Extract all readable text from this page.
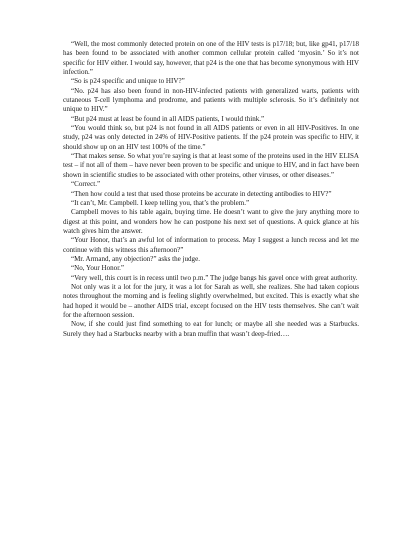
“Well, the most commonly detected protein on one of the HIV tests is p17/18; but, like gp41, p17/18 has been found to be associated with another common cellular protein called ‘myosin.’ So it’s not specific for HIV either. I would say, however, that p24 is the one that has become synonymous with HIV infection.”

“So is p24 specific and unique to HIV?”

“No. p24 has also been found in non-HIV-infected patients with generalized warts, patients with cutaneous T-cell lymphoma and prodrome, and patients with multiple sclerosis. So it’s definitely not unique to HIV.”

“But p24 must at least be found in all AIDS patients, I would think.”

“You would think so, but p24 is not found in all AIDS patients or even in all HIV-Positives. In one study, p24 was only detected in 24% of HIV-Positive patients. If the p24 protein was specific to HIV, it should show up on an HIV test 100% of the time.”

“That makes sense. So what you’re saying is that at least some of the proteins used in the HIV ELISA test – if not all of them – have never been proven to be specific and unique to HIV, and in fact have been shown in scientific studies to be associated with other proteins, other viruses, or other diseases.”

“Correct.”

“Then how could a test that used those proteins be accurate in detecting antibodies to HIV?”

“It can’t, Mr. Campbell. I keep telling you, that’s the problem.”

Campbell moves to his table again, buying time. He doesn’t want to give the jury anything more to digest at this point, and wonders how he can postpone his next set of questions. A quick glance at his watch gives him the answer.

“Your Honor, that’s an awful lot of information to process. May I suggest a lunch recess and let me continue with this witness this afternoon?”

“Mr. Armand, any objection?” asks the judge.

“No, Your Honor.”

“Very well, this court is in recess until two p.m.” The judge bangs his gavel once with great authority.

Not only was it a lot for the jury, it was a lot for Sarah as well, she realizes. She had taken copious notes throughout the morning and is feeling slightly overwhelmed, but excited. This is exactly what she had hoped it would be – another AIDS trial, except focused on the HIV tests themselves. She can’t wait for the afternoon session.

Now, if she could just find something to eat for lunch; or maybe all she needed was a Starbucks. Surely they had a Starbucks nearby with a bran muffin that wasn’t deep-fried….
